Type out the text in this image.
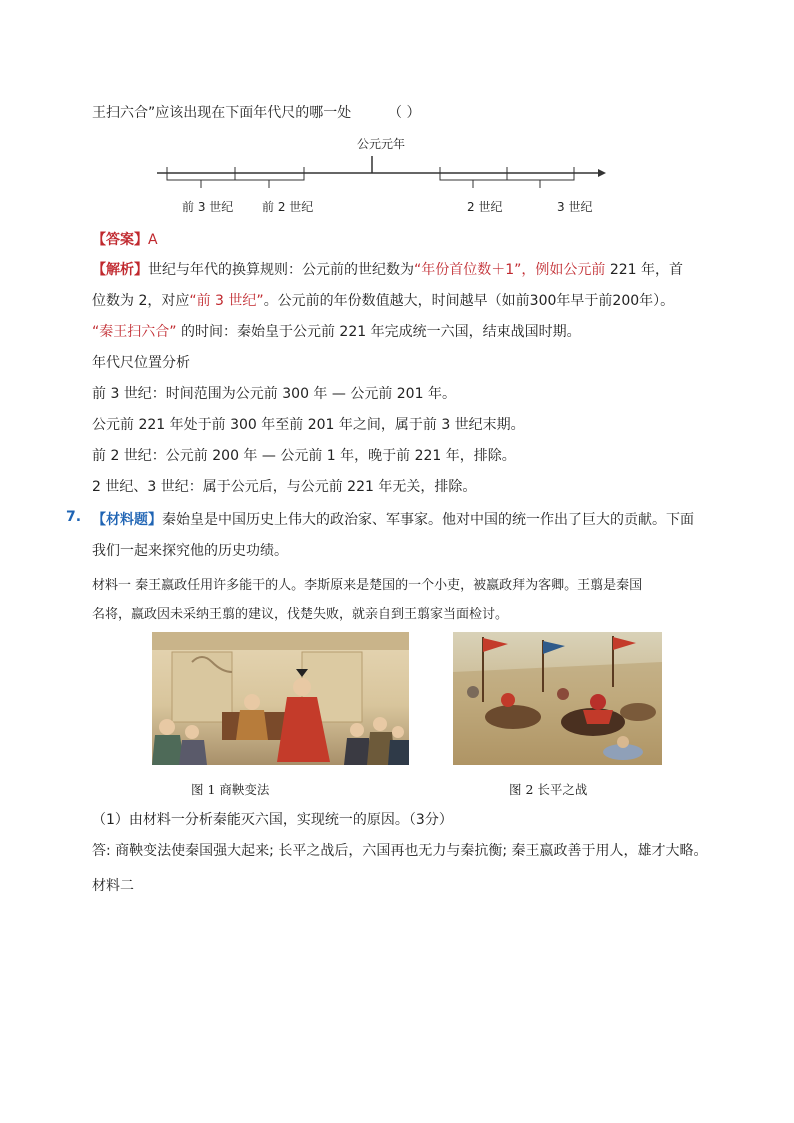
王扫六合”应该出现在下面年代尺的哪一处	（ ）
公元元年
前 3 世纪 前 2 世纪	2 世纪	3 世纪
【答案】A
【解析】世纪与年代的换算规则：公元前的世纪数为“年份首位数＋1”，例如公元前 221 年，首
位数为 2，对应“前 3 世纪”。公元前的年份数值越大，时间越早（如前300年早于前200年）。
“秦王扫六合” 的时间：秦始皇于公元前 221 年完成统一六国，结束战国时期。
年代尺位置分析
前 3 世纪：时间范围为公元前 300 年 — 公元前 201 年。
公元前 221 年处于前 300 年至前 201 年之间，属于前 3 世纪末期。
前 2 世纪：公元前 200 年 — 公元前 1 年，晚于前 221 年，排除。
2 世纪、3 世纪：属于公元后，与公元前 221 年无关，排除。
7. 【材料题】秦始皇是中国历史上伟大的政治家、军事家。他对中国的统一作出了巨大的贡献。下面
我们一起来探究他的历史功绩。
材料一 秦王嬴政任用许多能干的人。李斯原来是楚国的一个小吏，被嬴政拜为客卿。王翦是秦国
名将，嬴政因未采纳王翦的建议，伐楚失败，就亲自到王翦家当面检讨。
图 1 商鞅变法	图 2 长平之战
（1）由材料一分析秦能灭六国，实现统一的原因。（3分）
答: 商鞅变法使秦国强大起来; 长平之战后，六国再也无力与秦抗衡; 秦王嬴政善于用人，雄才大略。
材料二
